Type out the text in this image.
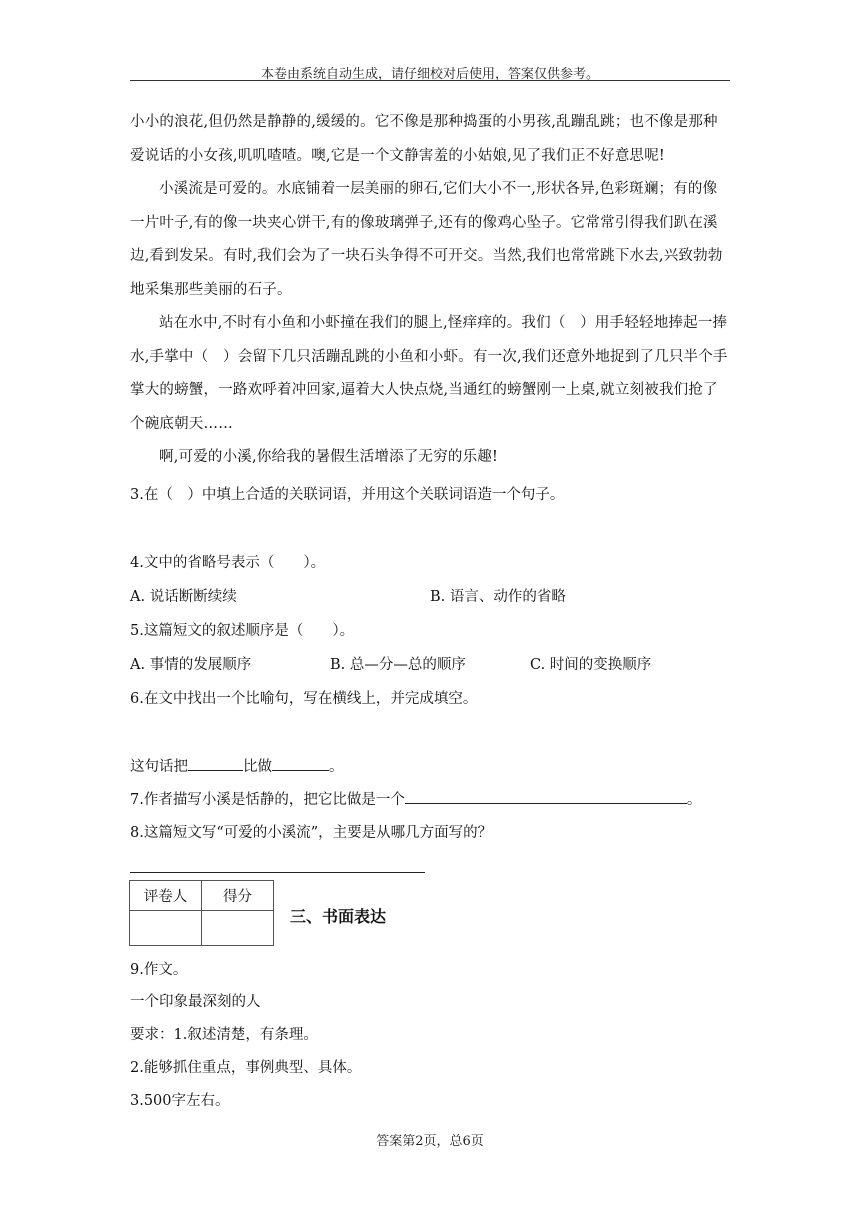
本卷由系统自动生成，请仔细校对后使用，答案仅供参考。

小小的浪花,但仍然是静静的,缓缓的。它不像是那种捣蛋的小男孩,乱蹦乱跳；也不像是那种爱说话的小女孩,叽叽喳喳。噢,它是一个文静害羞的小姑娘,见了我们正不好意思呢!

小溪流是可爱的。水底铺着一层美丽的卵石,它们大小不一,形状各异,色彩斑斓；有的像一片叶子,有的像一块夹心饼干,有的像玻璃弹子,还有的像鸡心坠子。它常常引得我们趴在溪边,看到发呆。有时,我们会为了一块石头争得不可开交。当然,我们也常常跳下水去,兴致勃勃地采集那些美丽的石子。

站在水中,不时有小鱼和小虾撞在我们的腿上,怪痒痒的。我们（　）用手轻轻地捧起一捧水,手掌中（　）会留下几只活蹦乱跳的小鱼和小虾。有一次,我们还意外地捉到了几只半个手掌大的螃蟹，一路欢呼着冲回家,逼着大人快点烧,当通红的螃蟹刚一上桌,就立刻被我们抢了个碗底朝天……

啊,可爱的小溪,你给我的暑假生活增添了无穷的乐趣!

3.在（　）中填上合适的关联词语，并用这个关联词语造一个句子。
4.文中的省略号表示（　　）。
A. 说话断断续续	B. 语言、动作的省略
5.这篇短文的叙述顺序是（　　）。
A. 事情的发展顺序	B. 总—分—总的顺序	C. 时间的变换顺序
6.在文中找出一个比喻句，写在横线上，并完成填空。
这句话把	比做	。
7.作者描写小溪是恬静的，把它比做是一个	。
8.这篇短文写“可爱的小溪流”，主要是从哪几方面写的？
评卷人	得分

三、书面表达
9.作文。
一个印象最深刻的人
要求：1.叙述清楚，有条理。
2.能够抓住重点，事例典型、具体。
3.500字左右。
答案第2页，总6页
